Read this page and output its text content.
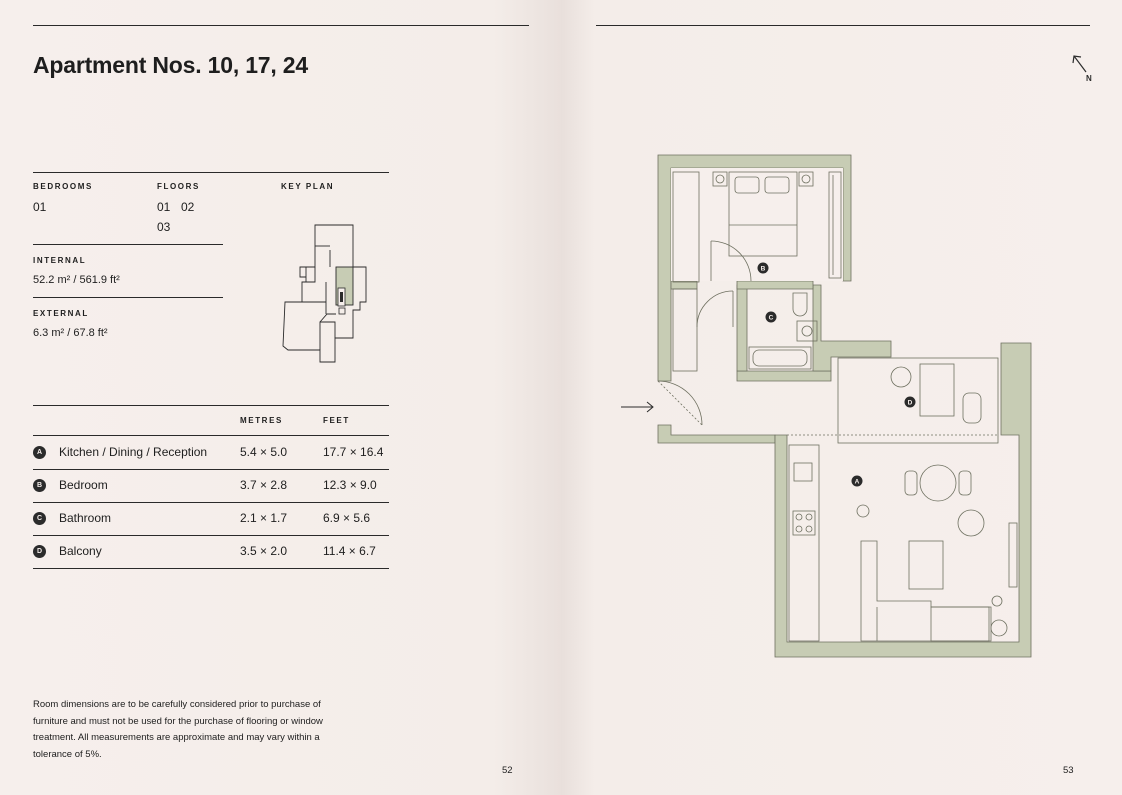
Apartment Nos. 10, 17, 24
BEDROOMS
01
FLOORS
01 02
03
KEY PLAN
INTERNAL
52.2 m² / 561.9 ft²
EXTERNAL
6.3 m² / 67.8 ft²
METRES	FEET
A	Kitchen / Dining / Reception	5.4 × 5.0	17.7 × 16.4
B	Bedroom	3.7 × 2.8	12.3 × 9.0
C	Bathroom	2.1 × 1.7	6.9 × 5.6
D	Balcony	3.5 × 2.0	11.4 × 6.7

Room dimensions are to be carefully considered prior to purchase of furniture and must not be used for the purchase of flooring or window treatment. All measurements are approximate and may vary within a tolerance of 5%.

52
N
53
B
C
D
A
